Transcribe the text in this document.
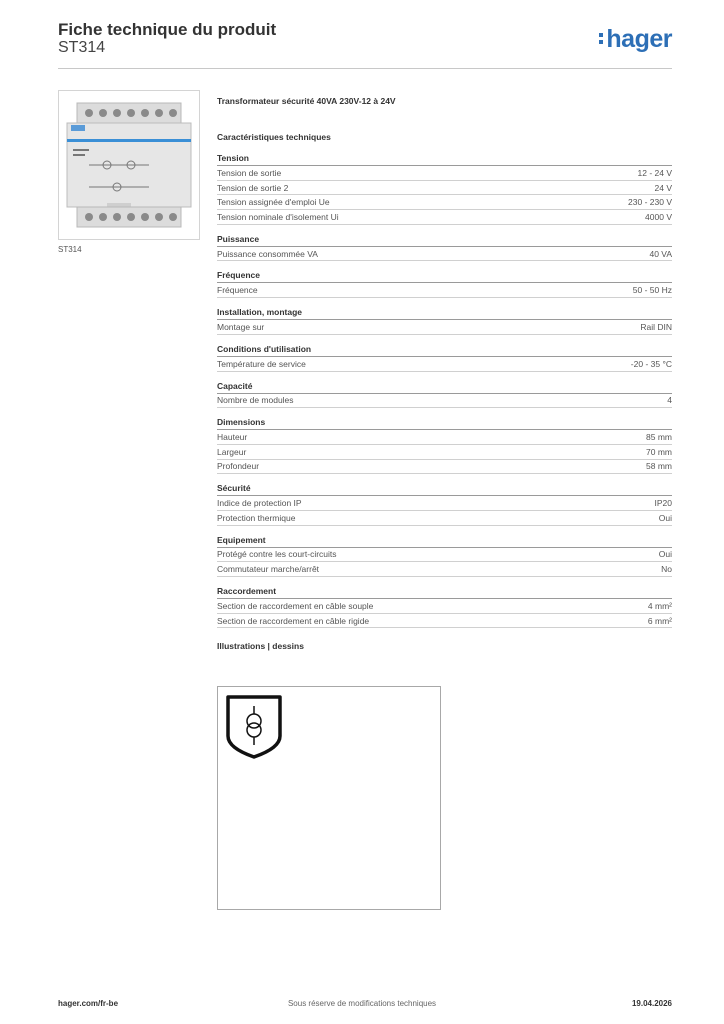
Fiche technique du produit
ST314	hager
ST314
Transformateur sécurité 40VA 230V-12 à 24V
Caractéristiques techniques
Tension
Tension de sortie	12 - 24 V
Tension de sortie 2	24 V
Tension assignée d'emploi Ue	230 - 230 V
Tension nominale d'isolement Ui	4000 V
Puissance
Puissance consommée VA	40 VA
Fréquence
Fréquence	50 - 50 Hz
Installation, montage
Montage sur	Rail DIN
Conditions d'utilisation
Température de service	-20 - 35 °C
Capacité
Nombre de modules	4
Dimensions
Hauteur	85 mm
Largeur	70 mm
Profondeur	58 mm
Sécurité
Indice de protection IP	IP20
Protection thermique	Oui
Equipement
Protégé contre les court-circuits	Oui
Commutateur marche/arrêt	No
Raccordement
Section de raccordement en câble souple	4 mm²
Section de raccordement en câble rigide	6 mm²
Illustrations | dessins
hager.com/fr-be	Sous réserve de modifications techniques	19.04.2026
